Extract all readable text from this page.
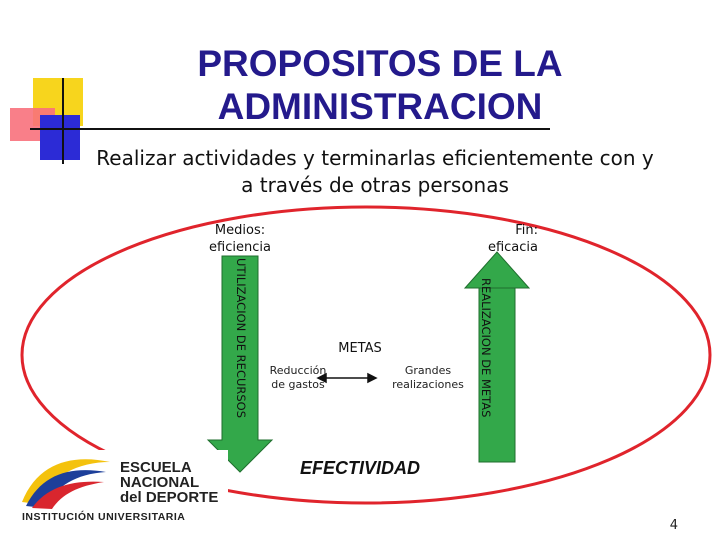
PROPOSITOS DE LA
ADMINISTRACION
Realizar actividades y terminarlas eficientemente con y
a través de otras personas
Medios:
eficiencia
Fin:
eficacia
UTILIZACION DE RECURSOS	REALIZACION DE METAS
METAS
Reducción
de gastos
Grandes
realizaciones
EFECTIVIDAD
ESCUELA
NACIONAL
del DEPORTE
INSTITUCIÓN UNIVERSITARIA
4
